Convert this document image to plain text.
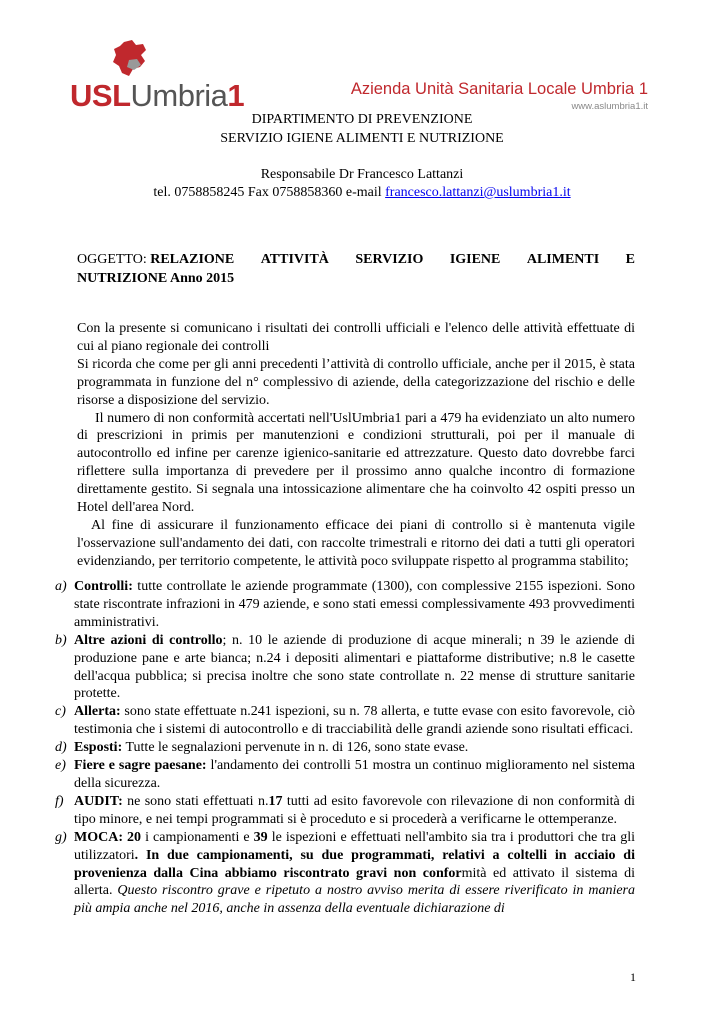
USLUmbria1	Azienda Unità Sanitaria Locale Umbria 1
www.aslumbria1.it
DIPARTIMENTO DI PREVENZIONE
SERVIZIO IGIENE ALIMENTI E NUTRIZIONE
Responsabile Dr Francesco Lattanzi
tel. 0758858245 Fax 0758858360 e-mail francesco.lattanzi@uslumbria1.it
OGGETTO: RELAZIONE ATTIVITÀ SERVIZIO IGIENE ALIMENTI E
NUTRIZIONE Anno 2015

Con la presente si comunicano i risultati dei controlli ufficiali e l'elenco delle attività effettuate di cui al piano regionale dei controlli

Si ricorda che come per gli anni precedenti l’attività di controllo ufficiale, anche per il 2015, è stata programmata in funzione del n° complessivo di aziende, della categorizzazione del rischio e delle risorse a disposizione del servizio.

Il numero di non conformità accertati nell'UslUmbria1 pari a 479 ha evidenziato un alto numero di prescrizioni in primis per manutenzioni e condizioni strutturali, poi per il manuale di autocontrollo ed infine per carenze igienico-sanitarie ed attrezzature. Questo dato dovrebbe farci riflettere sulla importanza di prevedere per il prossimo anno qualche incontro di formazione direttamente gestito. Si segnala una intossicazione alimentare che ha coinvolto 42 ospiti presso un Hotel dell'area Nord.

Al fine di assicurare il funzionamento efficace dei piani di controllo si è mantenuta vigile l'osservazione sull'andamento dei dati, con raccolte trimestrali e ritorno dei dati a tutti gli operatori evidenziando, per territorio competente, le attività poco sviluppate rispetto al programma stabilito;

a) Controlli: tutte controllate le aziende programmate (1300), con complessive 2155 ispezioni. Sono state riscontrate infrazioni in 479 aziende, e sono stati emessi complessivamente 493 provvedimenti amministrativi.
b) Altre azioni di controllo; n. 10 le aziende di produzione di acque minerali; n 39 le aziende di produzione pane e arte bianca; n.24 i depositi alimentari e piattaforme distributive; n.8 le casette dell'acqua pubblica; si precisa inoltre che sono state controllate n. 22 mense di strutture sanitarie protette.
c) Allerta: sono state effettuate n.241 ispezioni, su n. 78 allerta, e tutte evase con esito favorevole, ciò testimonia che i sistemi di autocontrollo e di tracciabilità delle grandi aziende sono risultati efficaci.
d) Esposti: Tutte le segnalazioni pervenute in n. di 126, sono state evase.
e) Fiere e sagre paesane: l'andamento dei controlli 51 mostra un continuo miglioramento nel sistema della sicurezza.
f) AUDIT: ne sono stati effettuati n.17 tutti ad esito favorevole con rilevazione di non conformità di tipo minore, e nei tempi programmati si è proceduto e si procederà a verificarne le ottemperanze.
g) MOCA: 20 i campionamenti e 39 le ispezioni e effettuati nell'ambito sia tra i produttori che tra gli utilizzatori. In due campionamenti, su due programmati, relativi a coltelli in acciaio di provenienza dalla Cina abbiamo riscontrato gravi non conformità ed attivato il sistema di allerta. Questo riscontro grave e ripetuto a nostro avviso merita di essere riverificato in maniera più ampia anche nel 2016, anche in assenza della eventuale dichiarazione di
1
